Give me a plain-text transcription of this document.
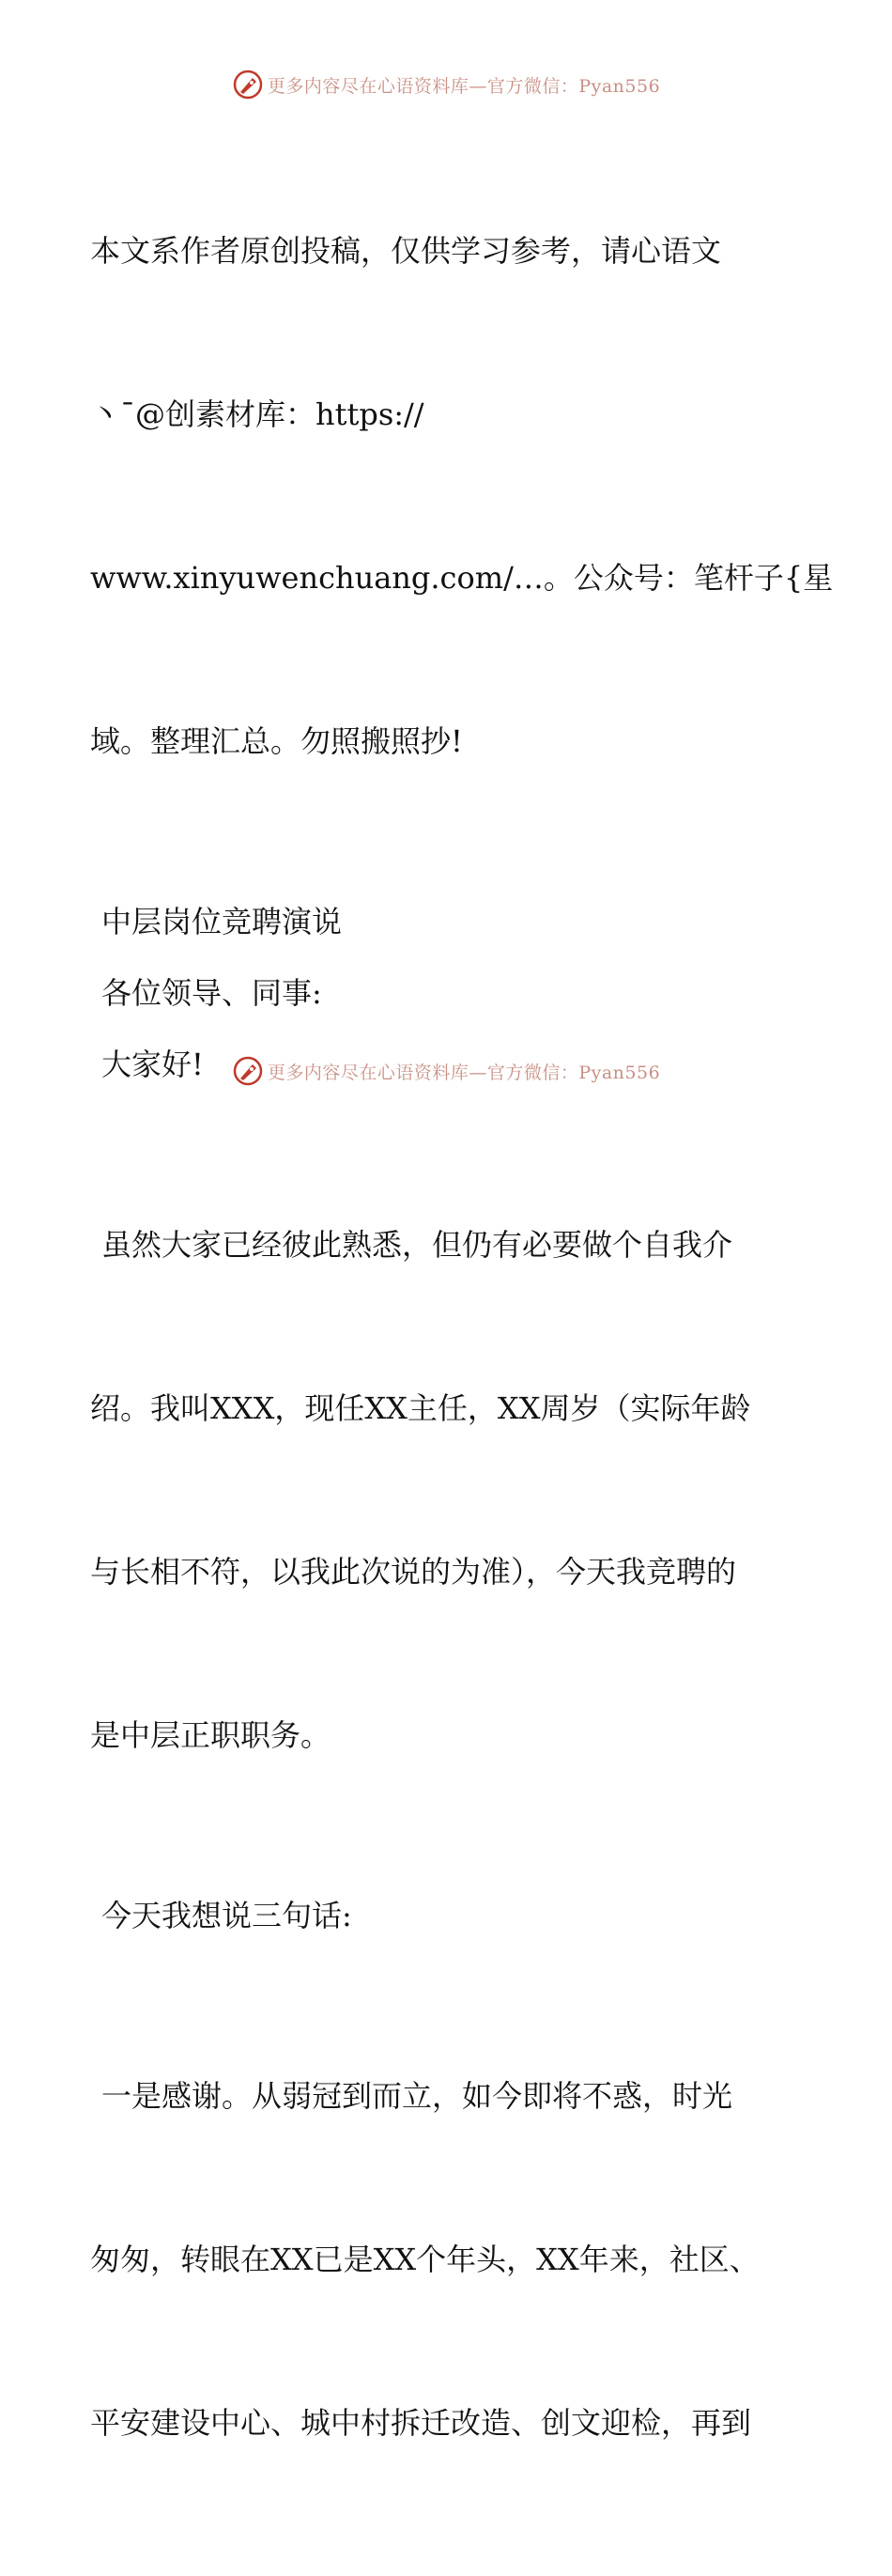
更多内容尽在心语资料库—官方微信：Pyan556

本文系作者原创投稿，仅供学习参考，请心语文

丶¯@创素材库：https://

www.xinyuwenchuang.com/…。公众号：笔杆子{星

域。整理汇总。勿照搬照抄!

中层岗位竞聘演说

各位领导、同事:

大家好!

虽然大家已经彼此熟悉，但仍有必要做个自我介

绍。我叫XXX，现任XX主任，XX周岁（实际年龄

与长相不符，以我此次说的为准），今天我竞聘的

是中层正职职务。

今天我想说三句话:

一是感谢。从弱冠到而立，如今即将不惑，时光

匆匆，转眼在XX已是XX个年头，XX年来，社区、

平安建设中心、城中村拆迁改造、创文迎检，再到

更多内容尽在心语资料库—官方微信：Pyan556
